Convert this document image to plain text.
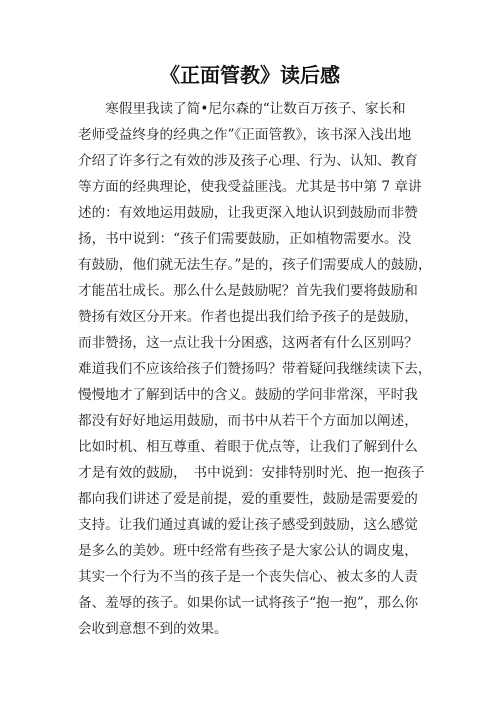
《正面管教》读后感
　　寒假里我读了简•尼尔森的“让数百万孩子、家长和
老师受益终身的经典之作”《正面管教》，该书深入浅出地
介绍了许多行之有效的涉及孩子心理、行为、认知、教育
等方面的经典理论，使我受益匪浅。尤其是书中第 7 章讲
述的：有效地运用鼓励，让我更深入地认识到鼓励而非赞
扬，书中说到：“孩子们需要鼓励，正如植物需要水。没
有鼓励，他们就无法生存。”是的，孩子们需要成人的鼓励，
才能茁壮成长。那么什么是鼓励呢？首先我们要将鼓励和
赞扬有效区分开来。作者也提出我们给予孩子的是鼓励，
而非赞扬，这一点让我十分困惑，这两者有什么区别吗？
难道我们不应该给孩子们赞扬吗？带着疑问我继续读下去，
慢慢地才了解到话中的含义。鼓励的学问非常深，平时我
都没有好好地运用鼓励，而书中从若干个方面加以阐述，
比如时机、相互尊重、着眼于优点等，让我们了解到什么
才是有效的鼓励，　书中说到：安排特别时光、抱一抱孩子
都向我们讲述了爱是前提，爱的重要性，鼓励是需要爱的
支持。让我们通过真诚的爱让孩子感受到鼓励，这么感觉
是多么的美妙。班中经常有些孩子是大家公认的调皮鬼，
其实一个行为不当的孩子是一个丧失信心、被太多的人责
备、羞辱的孩子。如果你试一试将孩子“抱一抱”，那么你
会收到意想不到的效果。
